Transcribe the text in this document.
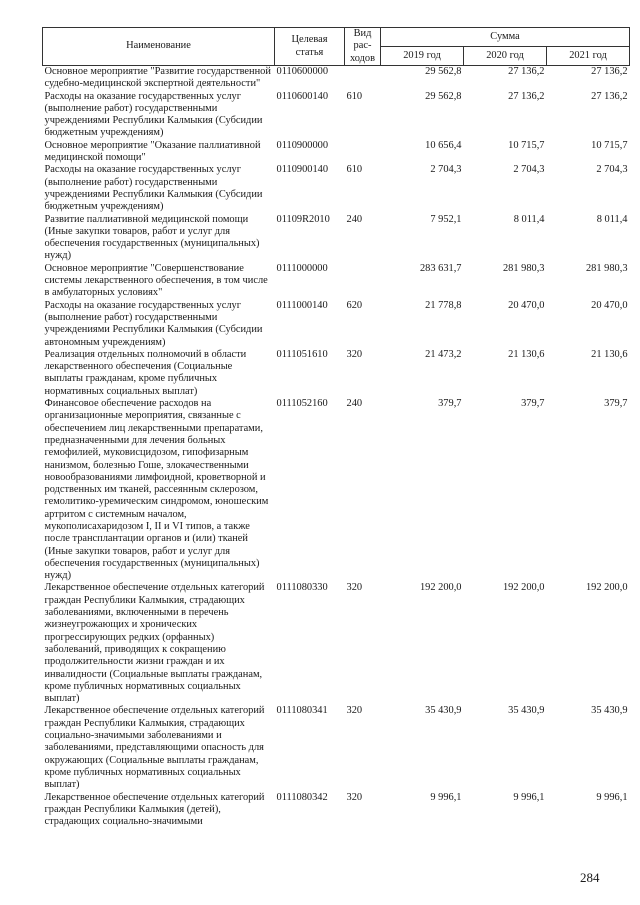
Наименование	Целевая статья	Вид рас- ходов	Сумма		
			2019 год	2020 год	2021 год
Основное мероприятие "Развитие государственной судебно-медицинской экспертной деятельности"	0110600000		29 562,8	27 136,2	27 136,2
Расходы на оказание государственных услуг (выполнение работ) государственными учреждениями Республики Калмыкия (Субсидии бюджетным учреждениям)	0110600140	610	29 562,8	27 136,2	27 136,2
Основное мероприятие "Оказание паллиативной медицинской помощи"	0110900000		10 656,4	10 715,7	10 715,7
Расходы на оказание государственных услуг (выполнение работ) государственными учреждениями Республики Калмыкия (Субсидии бюджетным учреждениям)	0110900140	610	2 704,3	2 704,3	2 704,3
Развитие паллиативной медицинской помощи (Иные закупки товаров, работ и услуг для обеспечения государственных (муниципальных) нужд)	01109R2010	240	7 952,1	8 011,4	8 011,4
Основное мероприятие "Совершенствование системы лекарственного обеспечения, в том числе в амбулаторных условиях"	0111000000		283 631,7	281 980,3	281 980,3
Расходы на оказание государственных услуг (выполнение работ) государственными учреждениями Республики Калмыкия (Субсидии автономным учреждениям)	0111000140	620	21 778,8	20 470,0	20 470,0
Реализация отдельных полномочий в области лекарственного обеспечения (Социальные выплаты гражданам, кроме публичных нормативных социальных выплат)	0111051610	320	21 473,2	21 130,6	21 130,6
Финансовое обеспечение расходов на организационные мероприятия, связанные с обеспечением лиц лекарственными препаратами, предназначенными для лечения больных гемофилией, муковисцидозом, гипофизарным нанизмом, болезнью Гоше, злокачественными новообразованиями лимфоидной, кроветворной и родственных им тканей, рассеянным склерозом, гемолитико-уремическим синдромом, юношеским артритом с системным началом, мукополисахаридозом I, II и VI типов, а также после трансплантации органов и (или) тканей (Иные закупки товаров, работ и услуг для обеспечения государственных (муниципальных) нужд)	0111052160	240	379,7	379,7	379,7
Лекарственное обеспечение отдельных категорий граждан Республики Калмыкия, страдающих заболеваниями, включенными в перечень жизнеугрожающих и хронических прогрессирующих редких (орфанных) заболеваний, приводящих к сокращению продолжительности жизни граждан и их инвалидности (Социальные выплаты гражданам, кроме публичных нормативных социальных выплат)	0111080330	320	192 200,0	192 200,0	192 200,0
Лекарственное обеспечение отдельных категорий граждан Республики Калмыкия, страдающих социально-значимыми заболеваниями и заболеваниями, представляющими опасность для окружающих (Социальные выплаты гражданам, кроме публичных нормативных социальных выплат)	0111080341	320	35 430,9	35 430,9	35 430,9
Лекарственное обеспечение отдельных категорий граждан Республики Калмыкия (детей), страдающих социально-значимыми	0111080342	320	9 996,1	9 996,1	9 996,1
284
